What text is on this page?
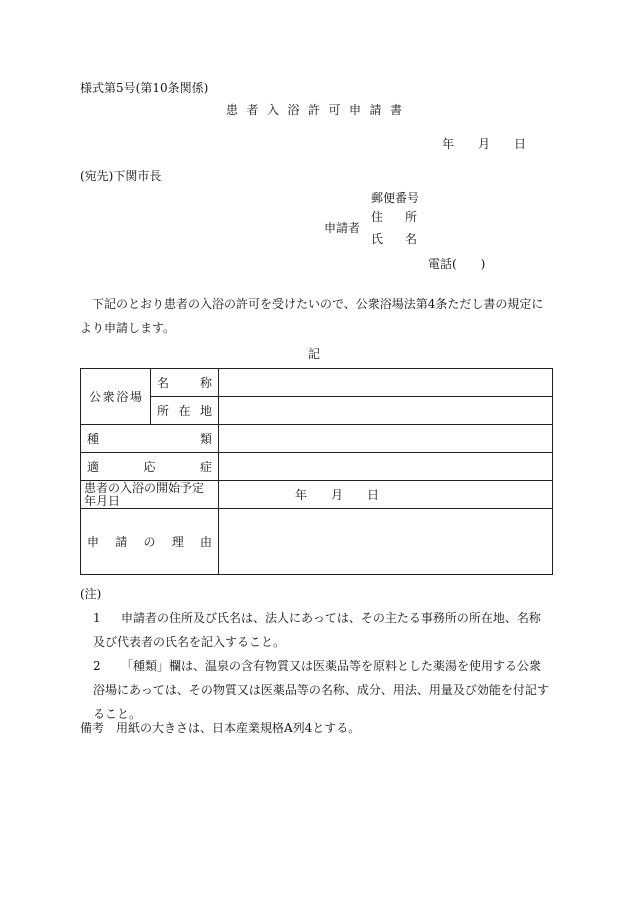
様式第5号(第10条関係)
患者入浴許可申請書
年 月 日
(宛先)下関市長
申請者
郵便番号
住 所
氏 名
電話(　　)
下記のとおり患者の入浴の許可を受けたいので、公衆浴場法第4条ただし書の規定により申請します。
記
公 衆 浴 場	名 称	

	所 在 地	

種 類		

適 応 症		

患者の入浴の開始予定年月日		年 月 日

申 請 の 理 由		

(注)
1 申請者の住所及び氏名は、法人にあっては、その主たる事務所の所在地、名称及び代表者の氏名を記入すること。
2 「種類」欄は、温泉の含有物質又は医薬品等を原料とした薬湯を使用する公衆浴場にあっては、その物質又は医薬品等の名称、成分、用法、用量及び効能を付記すること。
備考　用紙の大きさは、日本産業規格A列4とする。
